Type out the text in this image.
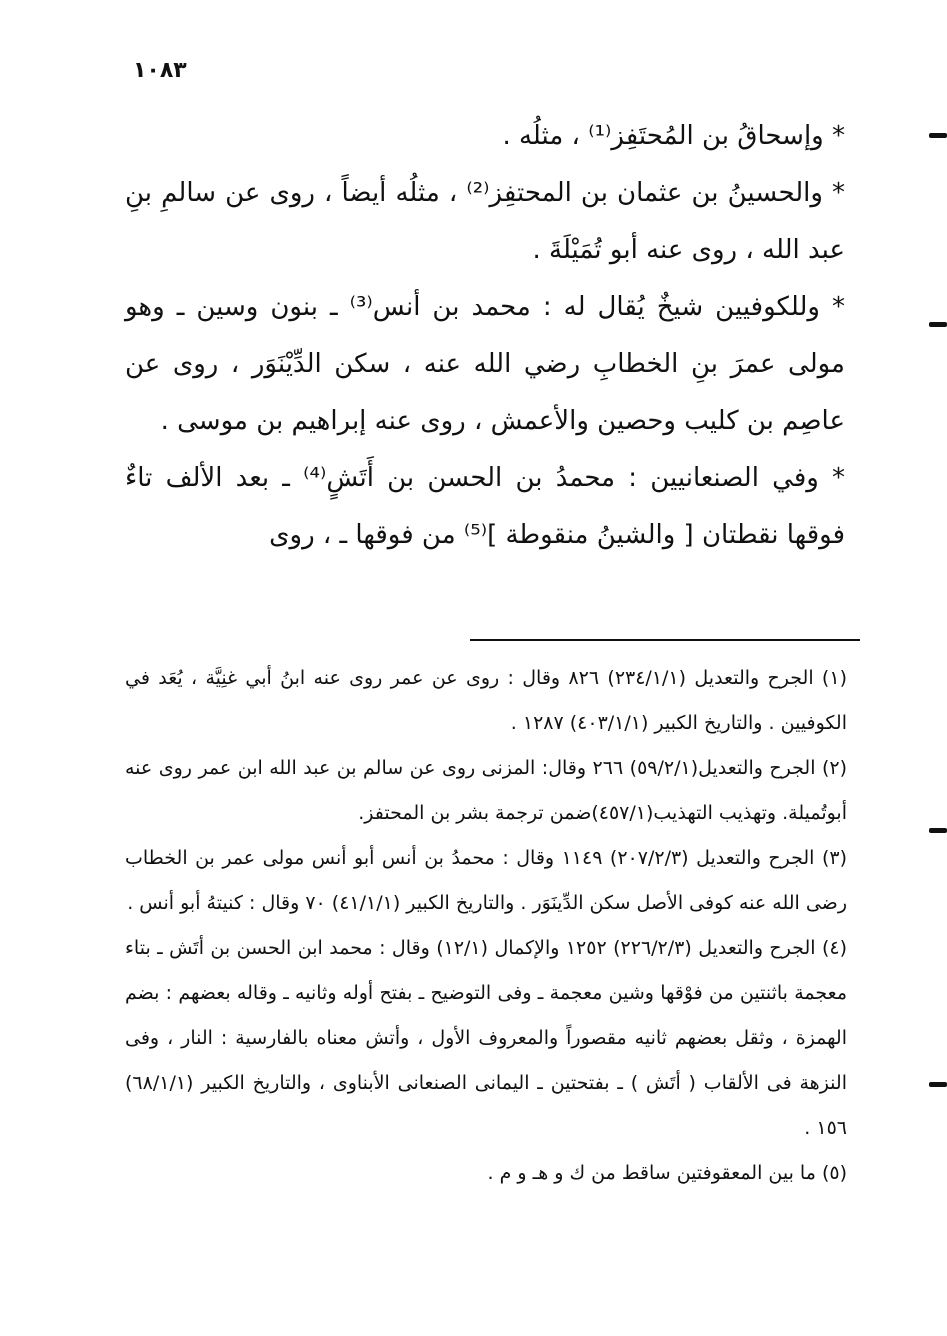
١٠٨٣

* وإسحاقُ بن المُحتَفِز⁽¹⁾ ، مثلُه .

* والحسينُ بن عثمان بن المحتفِز⁽²⁾ ، مثلُه أيضاً ، روى عن سالمِ بنِ عبد الله ، روى عنه أبو تُمَيْلَةَ .

* وللكوفيين شيخٌ يُقال له : محمد بن أنس⁽³⁾ ـ بنون وسين ـ وهو مولى عمرَ بنِ الخطابِ رضي الله عنه ، سكن الدِّيْنَوَر ، روى عن عاصِم بن كليب وحصين والأعمش ، روى عنه إبراهيم بن موسى .

* وفي الصنعانيين : محمدُ بن الحسن بن أَتَشٍ⁽⁴⁾ ـ بعد الألف تاءٌ فوقها نقطتان [ والشينُ منقوطة ]⁽⁵⁾ من فوقها ـ ، روى

(١) الجرح والتعديل (٢٣٤/١/١) ٨٢٦ وقال : روى عن عمر روى عنه ابنُ أبي غنِيَّة ، يُعَد في الكوفيين . والتاريخ الكبير (٤٠٣/١/١) ١٢٨٧ .

(٢) الجرح والتعديل(٥٩/٢/١) ٢٦٦ وقال: المزنى روى عن سالم بن عبد الله ابن عمر روى عنه أبوتُميلة. وتهذيب التهذيب(٤٥٧/١)ضمن ترجمة بشر بن المحتفز.

(٣) الجرح والتعديل (٢٠٧/٢/٣) ١١٤٩ وقال : محمدُ بن أنس أبو أنس مولى عمر بن الخطاب رضى الله عنه كوفى الأصل سكن الدِّينَوَر . والتاريخ الكبير (٤١/١/١) ٧٠ وقال : كنيتهُ أبو أنس .

(٤) الجرح والتعديل (٢٢٦/٢/٣) ١٢٥٢ والإكمال (١٢/١) وقال : محمد ابن الحسن بن أتَش ـ بتاء معجمة باثنتين من فوْقها وشين معجمة ـ وفى التوضيح ـ بفتح أوله وثانيه ـ وقاله بعضهم : بضم الهمزة ، وثقل بعضهم ثانيه مقصوراً والمعروف الأول ، وأتش معناه بالفارسية : النار ، وفى النزهة فى الألقاب ( أتَش ) ـ بفتحتين ـ اليمانى الصنعانى الأبناوى ، والتاريخ الكبير (٦٨/١/١) ١٥٦ .

(٥) ما بين المعقوفتين ساقط من ك و هـ و م .
